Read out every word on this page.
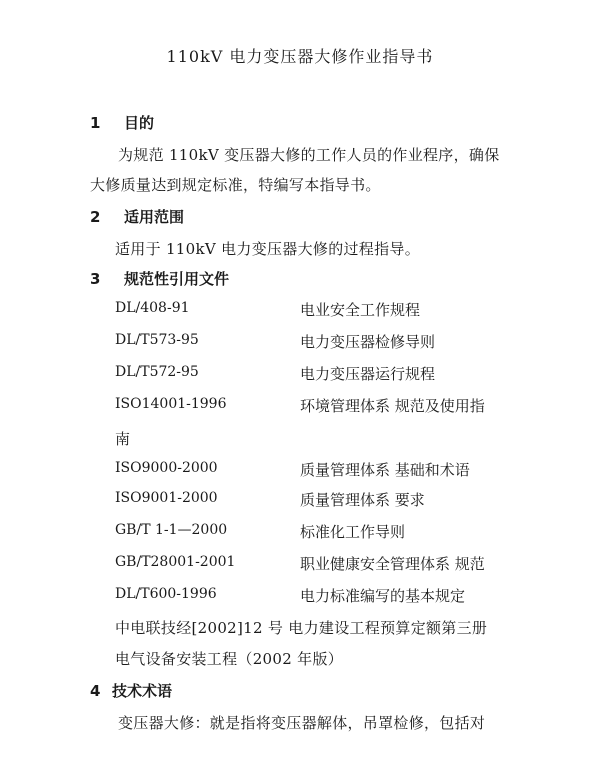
110kV 电力变压器大修作业指导书
1 目的
为规范 110kV 变压器大修的工作人员的作业程序，确保
大修质量达到规定标准，特编写本指导书。
2 适用范围
适用于 110kV 电力变压器大修的过程指导。
3 规范性引用文件
DL/408-91	电业安全工作规程
DL/T573-95	电力变压器检修导则
DL/T572-95	电力变压器运行规程
ISO14001-1996	环境管理体系 规范及使用指
南
ISO9000-2000	质量管理体系 基础和术语
ISO9001-2000	质量管理体系 要求
GB/T 1-1—2000	标准化工作导则
GB/T28001-2001	职业健康安全管理体系 规范
DL/T600-1996	电力标准编写的基本规定
中电联技经[2002]12 号 电力建设工程预算定额第三册
电气设备安装工程（2002 年版）
4 技术术语
变压器大修：就是指将变压器解体，吊罩检修，包括对
